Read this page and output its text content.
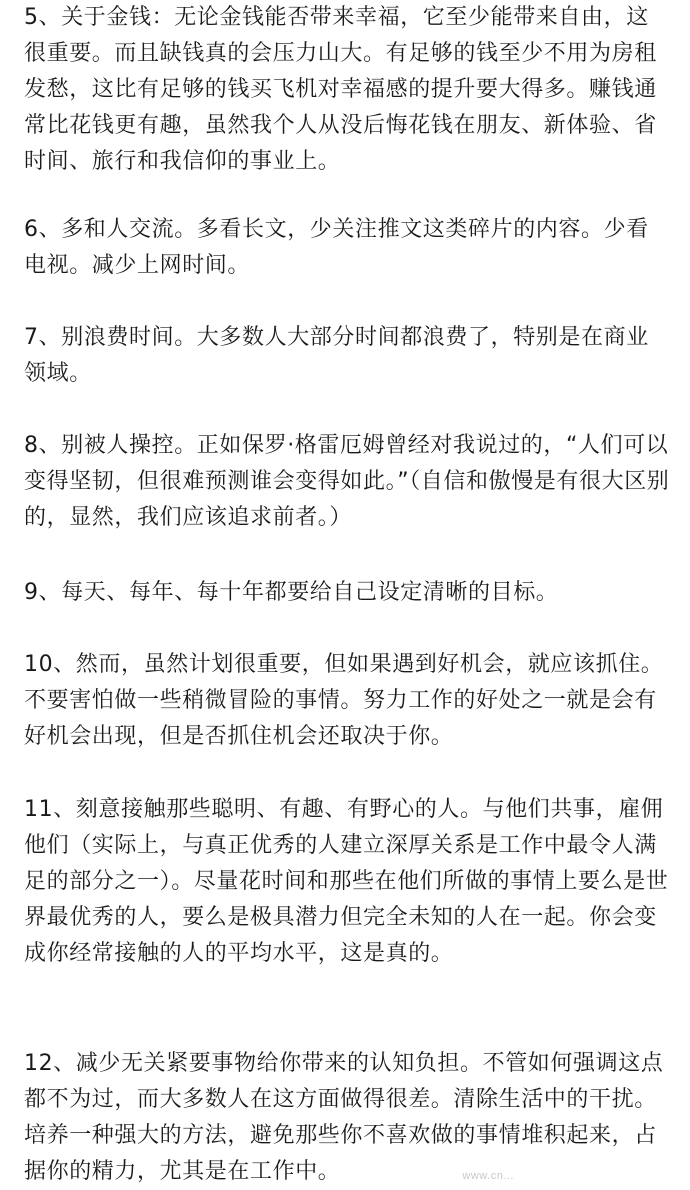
5、关于金钱：无论金钱能否带来幸福，它至少能带来自由，这很重要。而且缺钱真的会压力山大。有足够的钱至少不用为房租发愁，这比有足够的钱买飞机对幸福感的提升要大得多。赚钱通常比花钱更有趣，虽然我个人从没后悔花钱在朋友、新体验、省时间、旅行和我信仰的事业上。

6、多和人交流。多看长文，少关注推文这类碎片的内容。少看电视。减少上网时间。

7、别浪费时间。大多数人大部分时间都浪费了，特别是在商业领域。

8、别被人操控。正如保罗·格雷厄姆曾经对我说过的，“人们可以变得坚韧，但很难预测谁会变得如此。”（自信和傲慢是有很大区别的，显然，我们应该追求前者。）

9、每天、每年、每十年都要给自己设定清晰的目标。

10、然而，虽然计划很重要，但如果遇到好机会，就应该抓住。不要害怕做一些稍微冒险的事情。努力工作的好处之一就是会有好机会出现，但是否抓住机会还取决于你。

11、刻意接触那些聪明、有趣、有野心的人。与他们共事，雇佣他们（实际上，与真正优秀的人建立深厚关系是工作中最令人满足的部分之一）。尽量花时间和那些在他们所做的事情上要么是世界最优秀的人，要么是极具潜力但完全未知的人在一起。你会变成你经常接触的人的平均水平，这是真的。

12、减少无关紧要事物给你带来的认知负担。不管如何强调这点都不为过，而大多数人在这方面做得很差。清除生活中的干扰。培养一种强大的方法，避免那些你不喜欢做的事情堆积起来，占据你的精力，尤其是在工作中。	www.cn...
